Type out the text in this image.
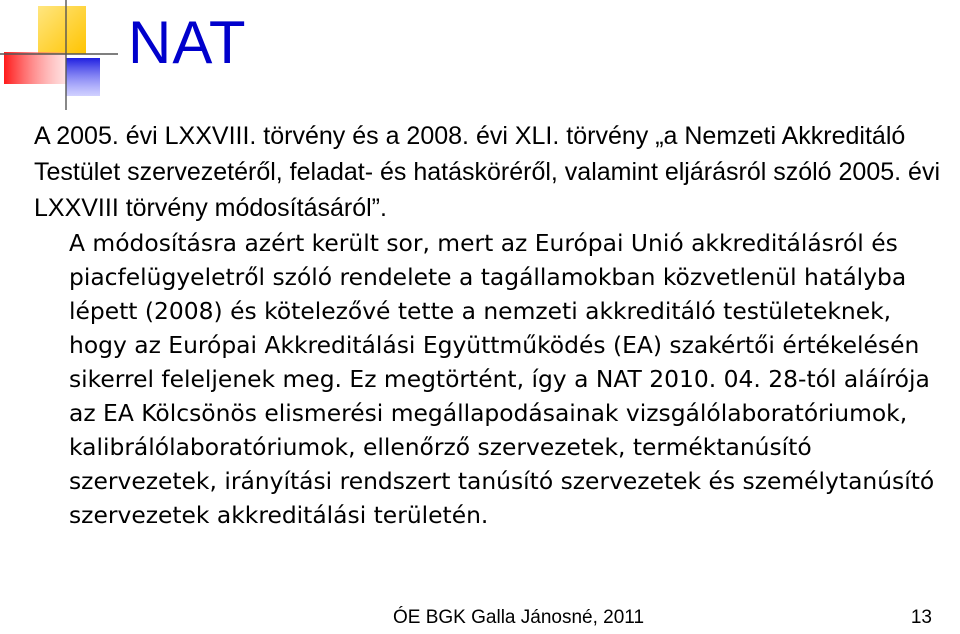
NAT

A 2005. évi LXXVIII. törvény és a 2008. évi XLI. törvény „a Nemzeti Akkreditáló Testület szervezetéről, feladat- és hatásköréről, valamint eljárásról szóló 2005. évi LXXVIII törvény módosításáról”.

A módosításra azért került sor, mert az Európai Unió akkreditálásról és piacfelügyeletről szóló rendelete a tagállamokban közvetlenül hatályba lépett (2008) és kötelezővé tette a nemzeti akkreditáló testületeknek, hogy az Európai Akkreditálási Együttműködés (EA) szakértői értékelésén sikerrel feleljenek meg. Ez megtörtént, így a NAT 2010. 04. 28-tól aláírója az EA Kölcsönös elismerési megállapodásainak vizsgálólaboratóriumok, kalibrálólaboratóriumok, ellenőrző szervezetek, terméktanúsító szervezetek, irányítási rendszert tanúsító szervezetek és személytanúsító szervezetek akkreditálási területén.

ÓE BGK Galla Jánosné, 2011	13
